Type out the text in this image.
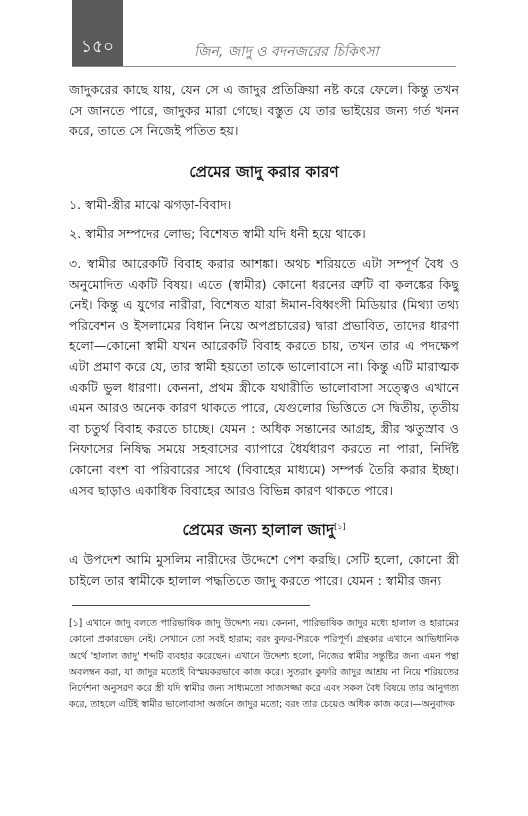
১৫০	জিন, জাদু ও বদনজরের চিকিৎসা

জাদুকরের কাছে যায়, যেন সে এ জাদুর প্রতিক্রিয়া নষ্ট করে ফেলে। কিন্তু তখন সে জানতে পারে, জাদুকর মারা গেছে। বস্তুত যে তার ভাইয়ের জন্য গর্ত খনন করে, তাতে সে নিজেই পতিত হয়।

প্রেমের জাদু করার কারণ

১. স্বামী-স্ত্রীর মাঝে ঝগড়া-বিবাদ।

২. স্বামীর সম্পদের লোভ; বিশেষত স্বামী যদি ধনী হয়ে থাকে।

৩. স্বামীর আরেকটি বিবাহ করার আশঙ্কা। অথচ শরিয়তে এটা সম্পূর্ণ বৈধ ও অনুমোদিত একটি বিষয়। এতে (স্বামীর) কোনো ধরনের ত্রুটি বা কলঙ্কের কিছু নেই। কিন্তু এ যুগের নারীরা, বিশেষত যারা ঈমান-বিধ্বংসী মিডিয়ার (মিথ্যা তথ্য পরিবেশন ও ইসলামের বিধান নিয়ে অপপ্রচারের) দ্বারা প্রভাবিত, তাদের ধারণা হলো—কোনো স্বামী যখন আরেকটি বিবাহ করতে চায়, তখন তার এ পদক্ষেপ এটা প্রমাণ করে যে, তার স্বামী হয়তো তাকে ভালোবাসে না। কিন্তু এটি মারাত্মক একটি ভুল ধারণা। কেননা, প্রথম স্ত্রীকে যথারীতি ভালোবাসা সত্ত্বেও এখানে এমন আরও অনেক কারণ থাকতে পারে, যেগুলোর ভিত্তিতে সে দ্বিতীয়, তৃতীয় বা চতুর্থ বিবাহ করতে চাচ্ছে। যেমন : অধিক সন্তানের আগ্রহ, স্ত্রীর ঋতুস্রাব ও নিফাসের নিষিদ্ধ সময়ে সহবাসের ব্যাপারে ধৈর্যধারণ করতে না পারা, নির্দিষ্ট কোনো বংশ বা পরিবারের সাথে (বিবাহের মাধ্যমে) সম্পর্ক তৈরি করার ইচ্ছা। এসব ছাড়াও একাধিক বিবাহের আরও বিভিন্ন কারণ থাকতে পারে।

প্রেমের জন্য হালাল জাদু[১]

এ উপদেশ আমি মুসলিম নারীদের উদ্দেশে পেশ করছি। সেটি হলো, কোনো স্ত্রী চাইলে তার স্বামীকে হালাল পদ্ধতিতে জাদু করতে পারে। যেমন : স্বামীর জন্য

[১] এখানে জাদু বলতে পারিভাষিক জাদু উদ্দেশ্য নয়। কেননা, পারিভাষিক জাদুর মধ্যে হালাল ও হারামের কোনো প্রকারভেদ নেই। সেখানে তো সবই হারাম; বরং কুফর-শিরকে পরিপূর্ণ। গ্রন্থকার এখানে আভিধানিক অর্থে 'হালাল জাদু' শব্দটি ব্যবহার করেছেন। এখানে উদ্দেশ্য হলো, নিজের স্বামীর সন্তুষ্টির জন্য এমন পন্থা অবলম্বন করা, যা জাদুর মতোই বিস্ময়করভাবে কাজ করে। সুতরাং কুফরি জাদুর আশ্রয় না নিয়ে শরিয়তের নির্দেশনা অনুসরণ করে স্ত্রী যদি স্বামীর জন্য সাধ্যমতো সাজসজ্জা করে এবং সকল বৈধ বিষয়ে তার আনুগত্য করে, তাহলে এটিই স্বামীর ভালোবাসা অর্জনে জাদুর মতো; বরং তার চেয়েও অধিক কাজ করে।—অনুবাদক
